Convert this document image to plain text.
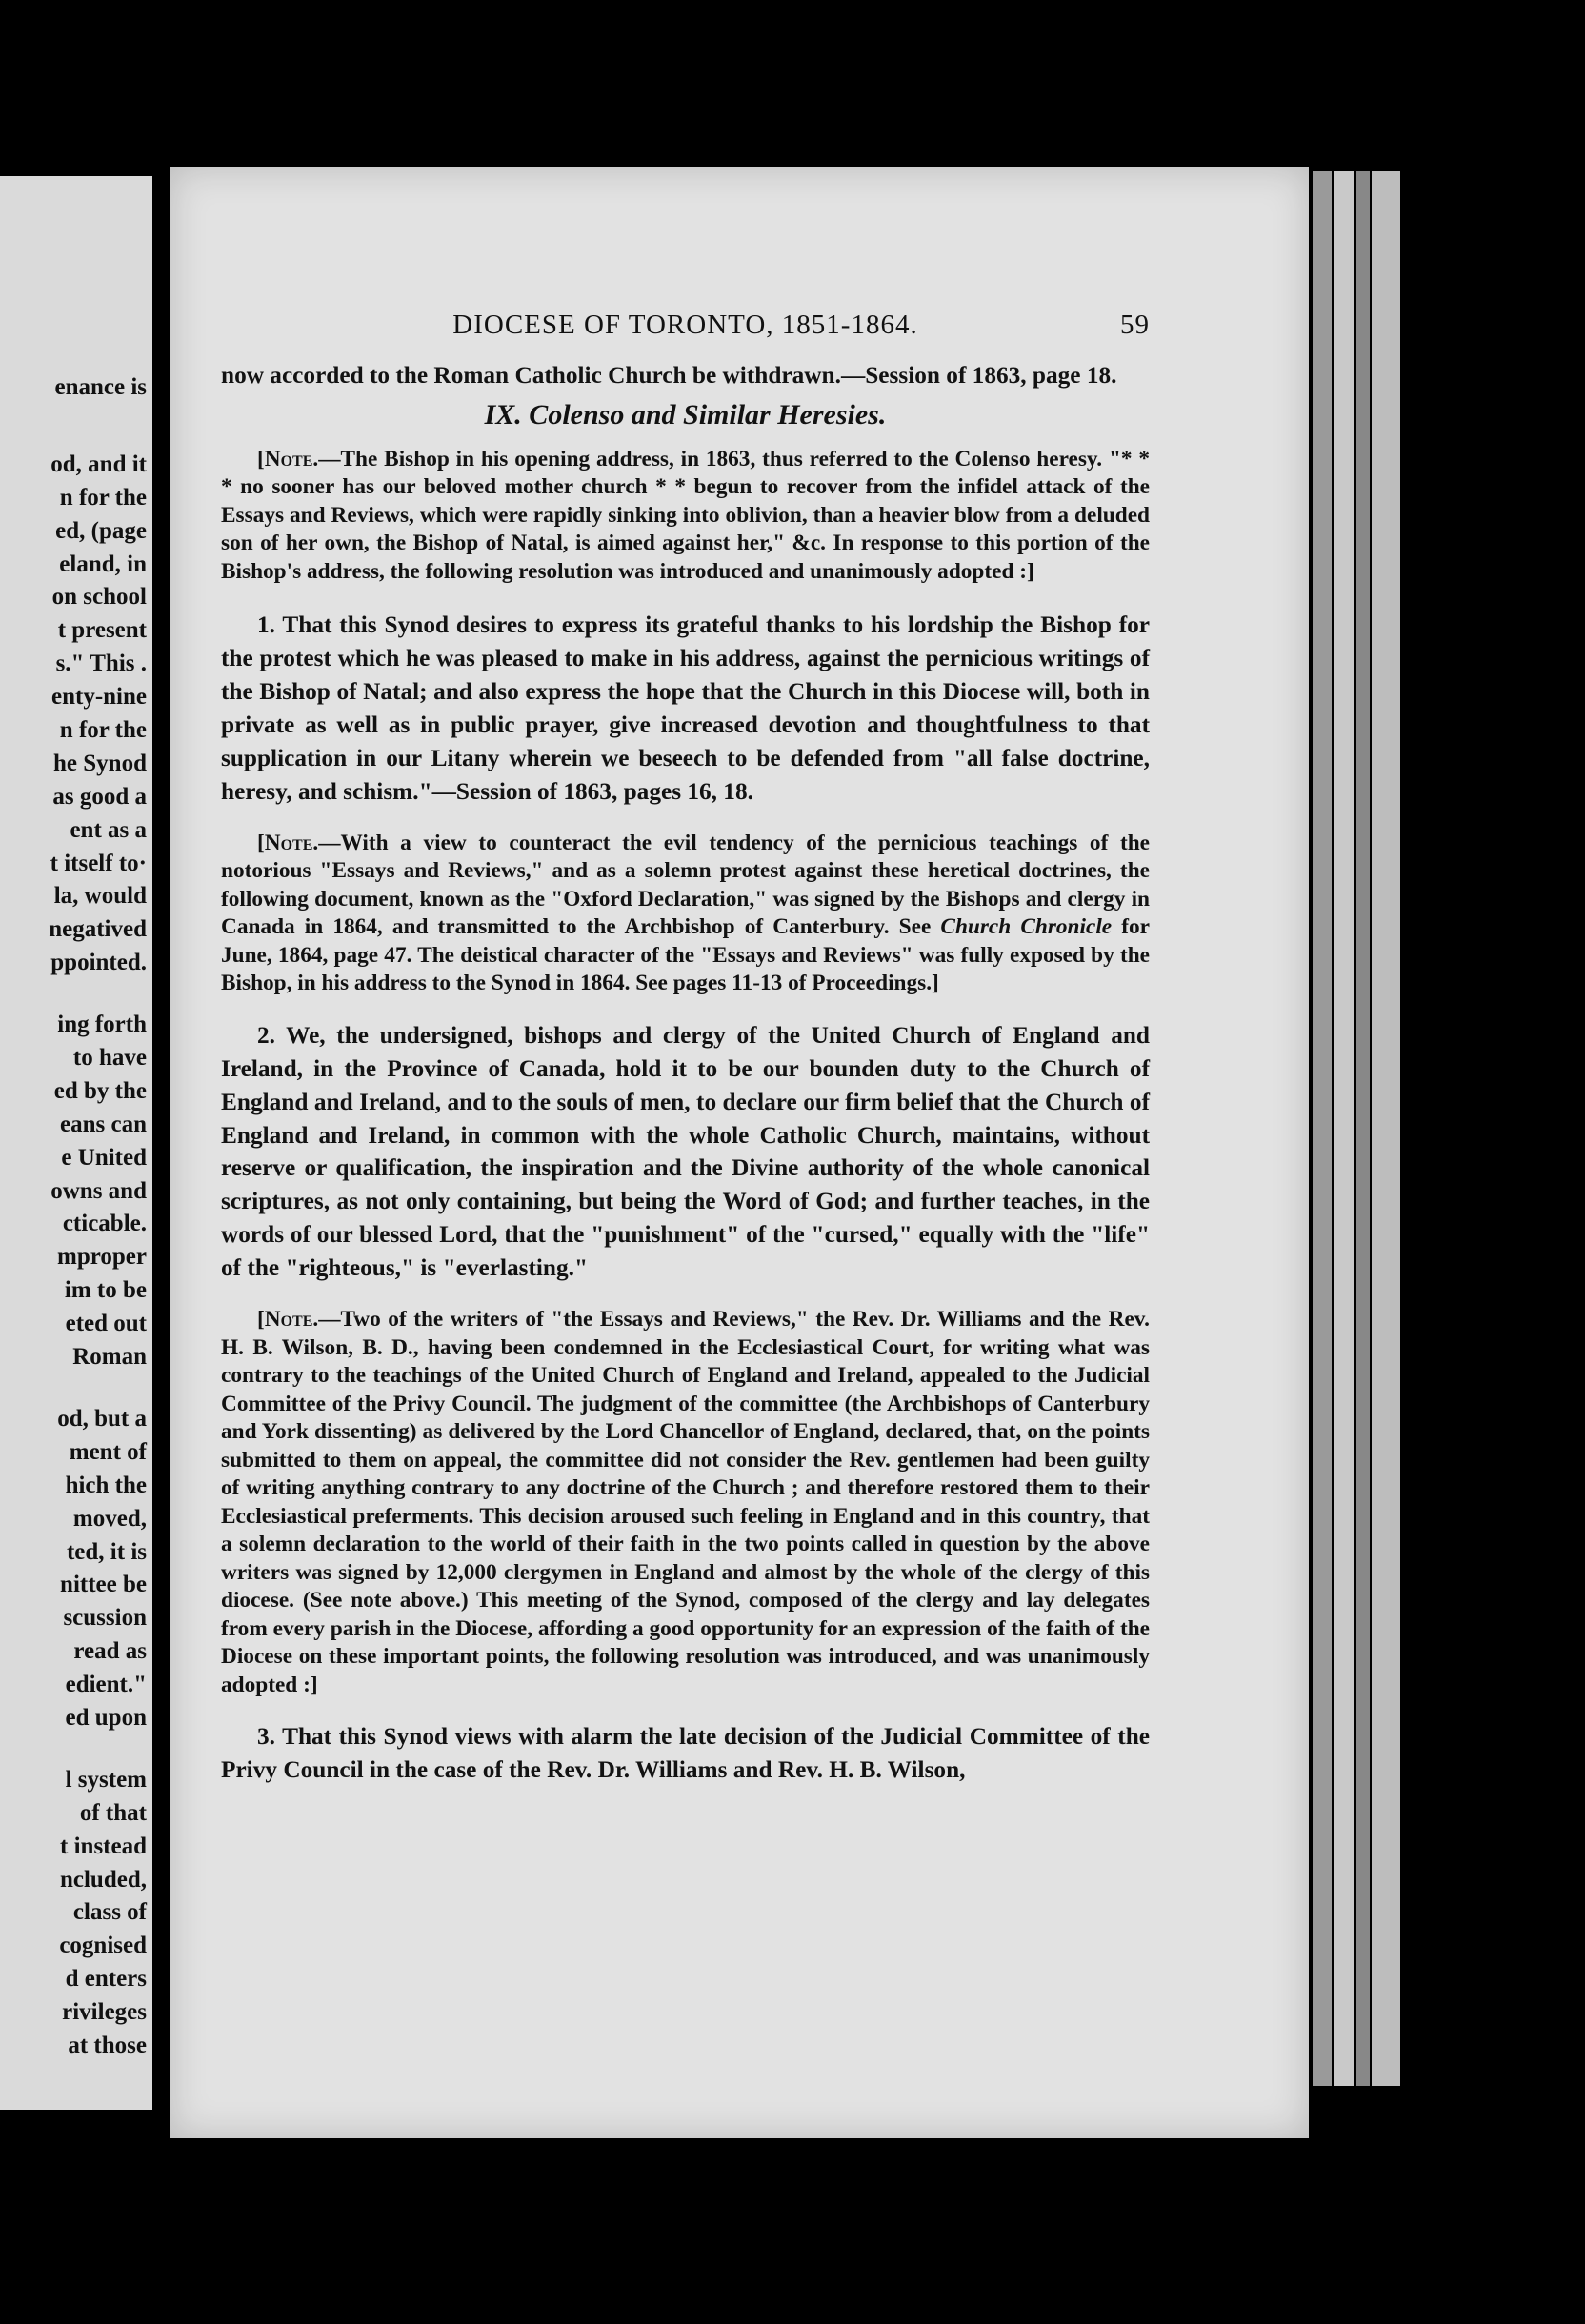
enance is
od, and it
n for the
ed, (page
eland, in
on school
t present
s." This .
enty-nine
n for the
he Synod
as good a
ent as a
t itself to·
la, would
negatived
ppointed.
ing forth
to have
ed by the
eans can
e United
owns and
cticable.
mproper
im to be
eted out
Roman
od, but a
ment of
hich the
moved,
ted, it is
nittee be
scussion
read as
edient."
ed upon
l system
of that
t instead
ncluded,
class of
cognised
d enters
rivileges
at those
DIOCESE OF TORONTO, 1851-1864.	59

now accorded to the Roman Catholic Church be withdrawn.—Session of 1863, page 18.

IX. Colenso and Similar Heresies.

[Note.—The Bishop in his opening address, in 1863, thus referred to the Colenso heresy. "* * * no sooner has our beloved mother church * * begun to recover from the infidel attack of the Essays and Reviews, which were rapidly sinking into oblivion, than a heavier blow from a deluded son of her own, the Bishop of Natal, is aimed against her," &c. In response to this portion of the Bishop's address, the following resolution was introduced and unanimously adopted :]

1. That this Synod desires to express its grateful thanks to his lordship the Bishop for the protest which he was pleased to make in his address, against the pernicious writings of the Bishop of Natal; and also express the hope that the Church in this Diocese will, both in private as well as in public prayer, give increased devotion and thoughtfulness to that supplication in our Litany wherein we beseech to be defended from "all false doctrine, heresy, and schism."—Session of 1863, pages 16, 18.

[Note.—With a view to counteract the evil tendency of the pernicious teachings of the notorious "Essays and Reviews," and as a solemn protest against these heretical doctrines, the following document, known as the "Oxford Declaration," was signed by the Bishops and clergy in Canada in 1864, and transmitted to the Archbishop of Canterbury. See Church Chronicle for June, 1864, page 47. The deistical character of the "Essays and Reviews" was fully exposed by the Bishop, in his address to the Synod in 1864. See pages 11-13 of Proceedings.]

2. We, the undersigned, bishops and clergy of the United Church of England and Ireland, in the Province of Canada, hold it to be our bounden duty to the Church of England and Ireland, and to the souls of men, to declare our firm belief that the Church of England and Ireland, in common with the whole Catholic Church, maintains, without reserve or qualification, the inspiration and the Divine authority of the whole canonical scriptures, as not only containing, but being the Word of God; and further teaches, in the words of our blessed Lord, that the "punishment" of the "cursed," equally with the "life" of the "righteous," is "everlasting."

[Note.—Two of the writers of "the Essays and Reviews," the Rev. Dr. Williams and the Rev. H. B. Wilson, B. D., having been condemned in the Ecclesiastical Court, for writing what was contrary to the teachings of the United Church of England and Ireland, appealed to the Judicial Committee of the Privy Council. The judgment of the committee (the Archbishops of Canterbury and York dissenting) as delivered by the Lord Chancellor of England, declared, that, on the points submitted to them on appeal, the committee did not consider the Rev. gentlemen had been guilty of writing anything contrary to any doctrine of the Church ; and therefore restored them to their Ecclesiastical preferments. This decision aroused such feeling in England and in this country, that a solemn declaration to the world of their faith in the two points called in question by the above writers was signed by 12,000 clergymen in England and almost by the whole of the clergy of this diocese. (See note above.) This meeting of the Synod, composed of the clergy and lay delegates from every parish in the Diocese, affording a good opportunity for an expression of the faith of the Diocese on these important points, the following resolution was introduced, and was unanimously adopted :]

3. That this Synod views with alarm the late decision of the Judicial Committee of the Privy Council in the case of the Rev. Dr. Williams and Rev. H. B. Wilson,
